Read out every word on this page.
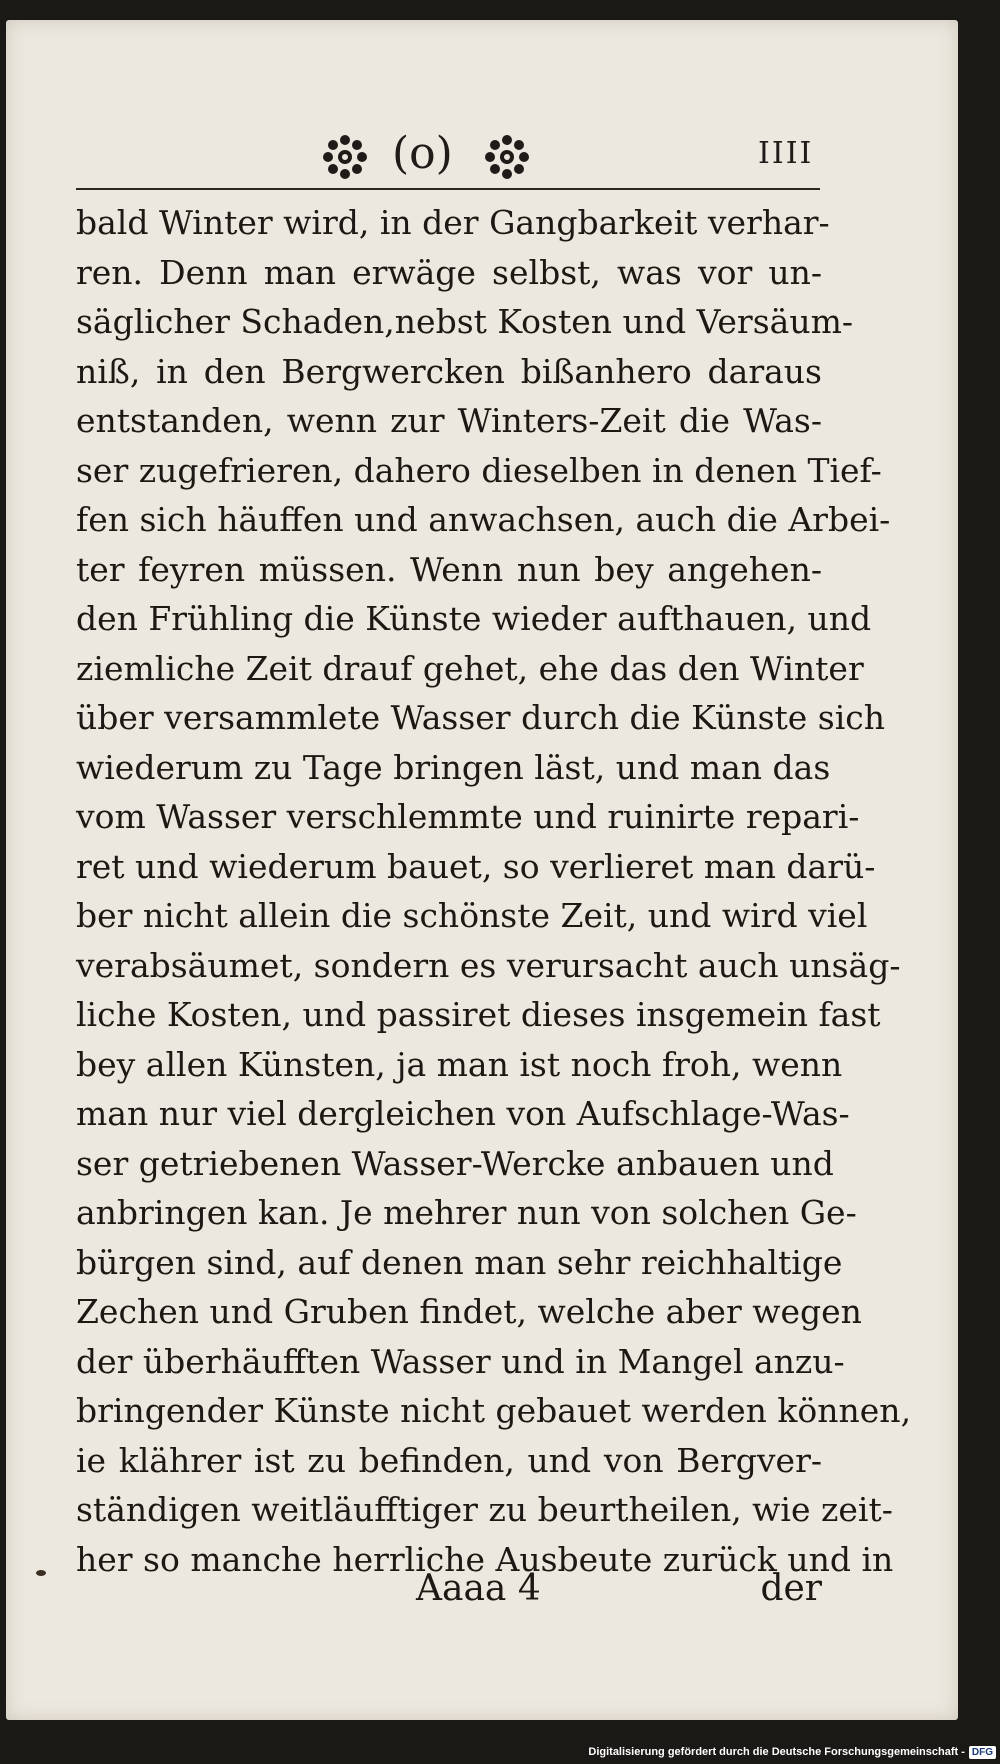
(o)	IIII
bald Winter wird, in der Gangbarkeit verhar-
ren. Denn man erwäge selbst, was vor un-
säglicher Schaden,nebst Kosten und Versäum-
niß, in den Bergwercken bißanhero daraus
entstanden, wenn zur Winters-Zeit die Was-
ser zugefrieren, dahero dieselben in denen Tief-
fen sich häuffen und anwachsen, auch die Arbei-
ter feyren müssen. Wenn nun bey angehen-
den Frühling die Künste wieder aufthauen, und
ziemliche Zeit drauf gehet, ehe das den Winter
über versammlete Wasser durch die Künste sich
wiederum zu Tage bringen läst, und man das
vom Wasser verschlemmte und ruinirte repari-
ret und wiederum bauet, so verlieret man darü-
ber nicht allein die schönste Zeit, und wird viel
verabsäumet, sondern es verursacht auch unsäg-
liche Kosten, und passiret dieses insgemein fast
bey allen Künsten, ja man ist noch froh, wenn
man nur viel dergleichen von Aufschlage-Was-
ser getriebenen Wasser-Wercke anbauen und
anbringen kan. Je mehrer nun von solchen Ge-
bürgen sind, auf denen man sehr reichhaltige
Zechen und Gruben findet, welche aber wegen
der überhäufften Wasser und in Mangel anzu-
bringender Künste nicht gebauet werden können,
ie klährer ist zu befinden, und von Bergver-
ständigen weitläufftiger zu beurtheilen, wie zeit-
her so manche herrliche Ausbeute zurück und in
Aaaa 4	der
Digitalisierung gefördert durch die Deutsche Forschungsgemeinschaft - DFG
